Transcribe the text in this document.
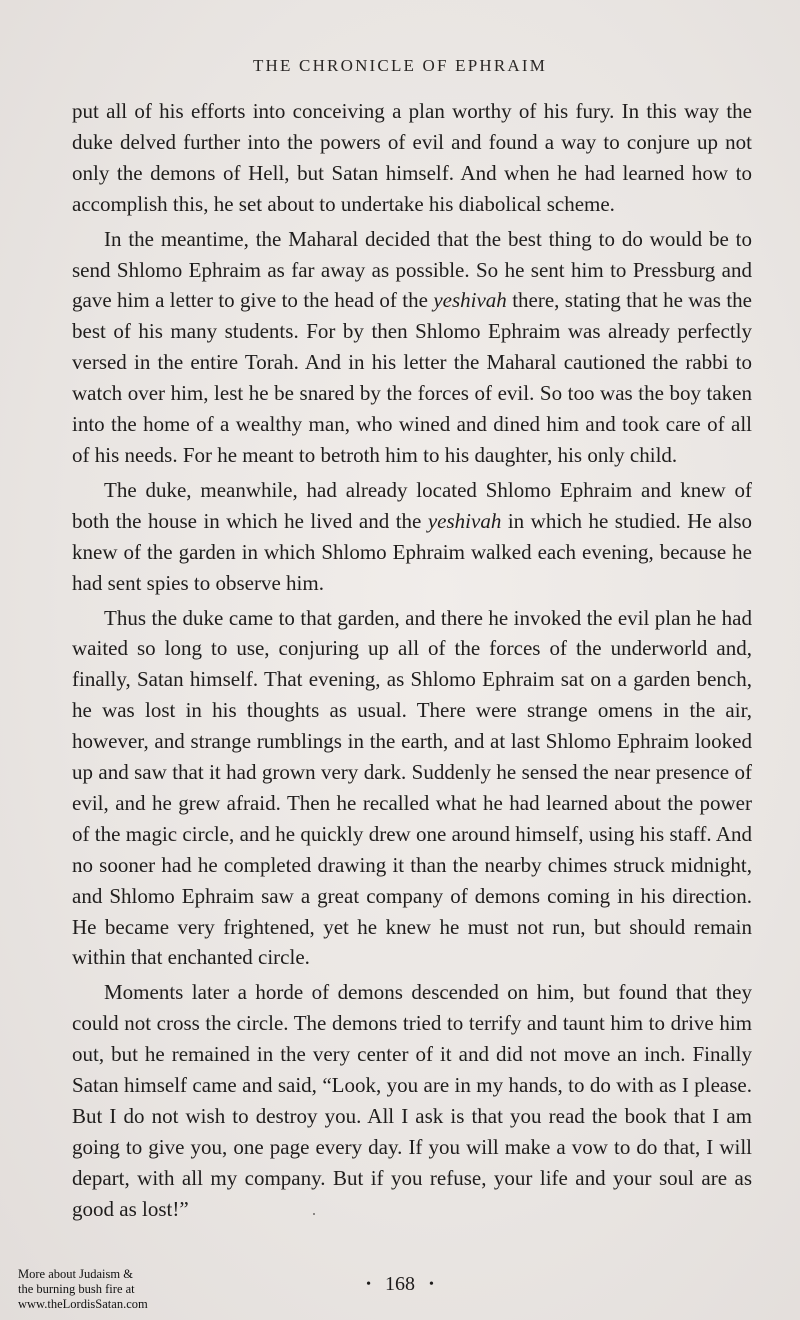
THE CHRONICLE OF EPHRAIM

put all of his efforts into conceiving a plan worthy of his fury. In this way the duke delved further into the powers of evil and found a way to conjure up not only the demons of Hell, but Satan himself. And when he had learned how to accomplish this, he set about to undertake his diabolical scheme.

In the meantime, the Maharal decided that the best thing to do would be to send Shlomo Ephraim as far away as possible. So he sent him to Pressburg and gave him a letter to give to the head of the yeshivah there, stating that he was the best of his many students. For by then Shlomo Ephraim was already perfectly versed in the entire Torah. And in his letter the Maharal cautioned the rabbi to watch over him, lest he be snared by the forces of evil. So too was the boy taken into the home of a wealthy man, who wined and dined him and took care of all of his needs. For he meant to betroth him to his daughter, his only child.

The duke, meanwhile, had already located Shlomo Ephraim and knew of both the house in which he lived and the yeshivah in which he studied. He also knew of the garden in which Shlomo Ephraim walked each evening, because he had sent spies to observe him.

Thus the duke came to that garden, and there he invoked the evil plan he had waited so long to use, conjuring up all of the forces of the underworld and, finally, Satan himself. That evening, as Shlomo Ephraim sat on a garden bench, he was lost in his thoughts as usual. There were strange omens in the air, however, and strange rumblings in the earth, and at last Shlomo Ephraim looked up and saw that it had grown very dark. Suddenly he sensed the near presence of evil, and he grew afraid. Then he recalled what he had learned about the power of the magic circle, and he quickly drew one around himself, using his staff. And no sooner had he completed drawing it than the nearby chimes struck midnight, and Shlomo Ephraim saw a great company of demons coming in his direction. He became very frightened, yet he knew he must not run, but should remain within that enchanted circle.

Moments later a horde of demons descended on him, but found that they could not cross the circle. The demons tried to terrify and taunt him to drive him out, but he remained in the very center of it and did not move an inch. Finally Satan himself came and said, “Look, you are in my hands, to do with as I please. But I do not wish to destroy you. All I ask is that you read the book that I am going to give you, one page every day. If you will make a vow to do that, I will depart, with all my company. But if you refuse, your life and your soul are as good as lost!”

• 168 •
More about Judaism &
the burning bush fire at
www.theLordisSatan.com
